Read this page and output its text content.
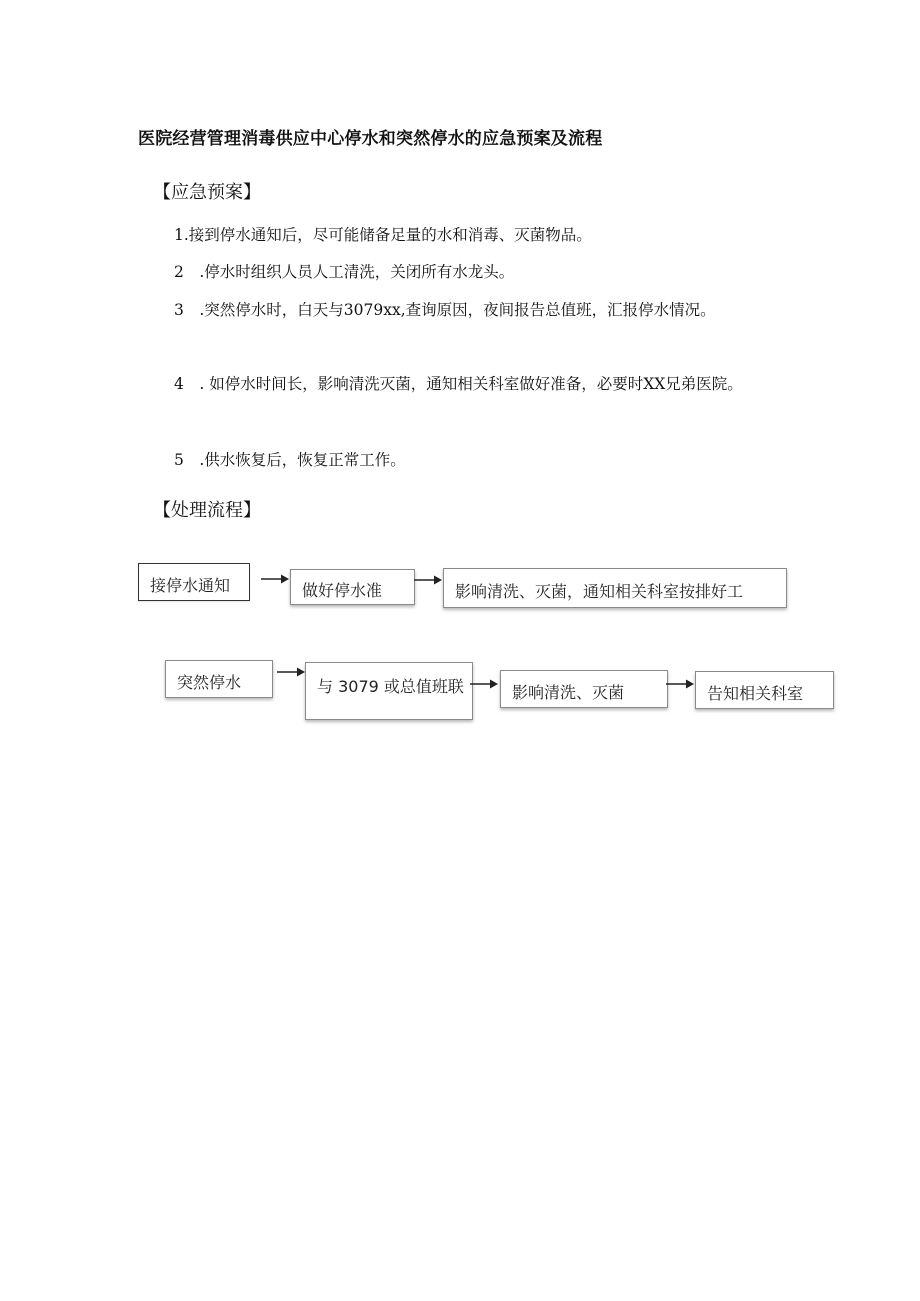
医院经营管理消毒供应中心停水和突然停水的应急预案及流程
【应急预案】

1.接到停水通知后，尽可能储备足量的水和消毒、灭菌物品。

2　.停水时组织人员人工清洗，关闭所有水龙头。

3　.突然停水时，白天与3079xx,查询原因，夜间报告总值班，汇报停水情况。

4　. 如停水时间长，影响清洗灭菌，通知相关科室做好准备，必要时XX兄弟医院。

5　.供水恢复后，恢复正常工作。

【处理流程】
接停水通知	做好停水准	影响清洗、灭菌，通知相关科室按排好工
突然停水	与 3079 或总值班联	影响清洗、灭菌	告知相关科室
